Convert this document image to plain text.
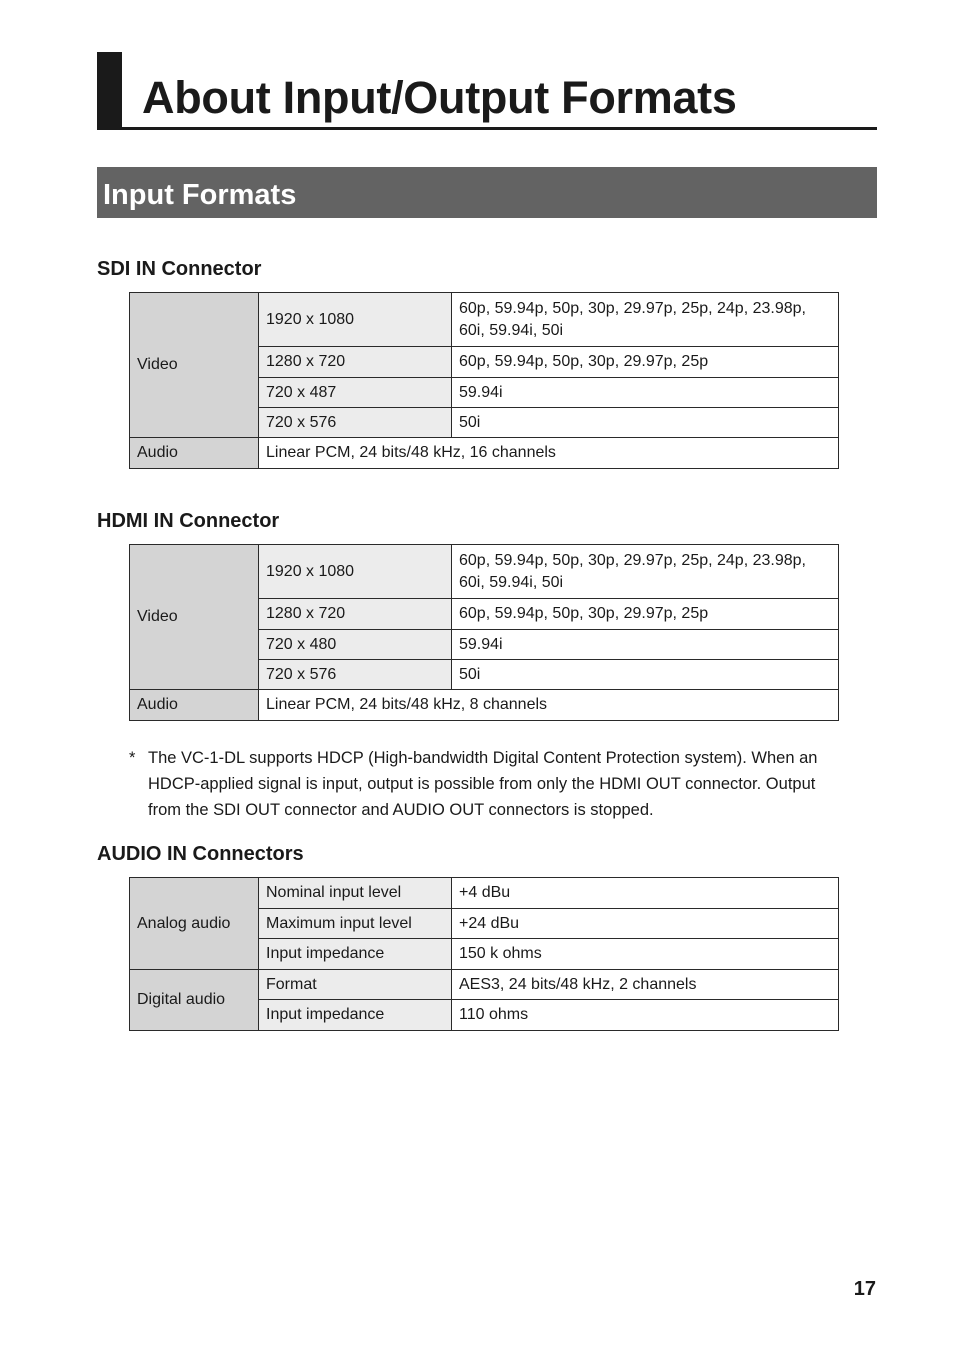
About Input/Output Formats
Input Formats
SDI IN Connector
Video	1920 x 1080	60p, 59.94p, 50p, 30p, 29.97p, 25p, 24p, 23.98p, 60i, 59.94i, 50i
	1280 x 720	60p, 59.94p, 50p, 30p, 29.97p, 25p
	720 x 487	59.94i
	720 x 576	50i
Audio	Linear PCM, 24 bits/48 kHz, 16 channels	
HDMI IN Connector
Video	1920 x 1080	60p, 59.94p, 50p, 30p, 29.97p, 25p, 24p, 23.98p, 60i, 59.94i, 50i
	1280 x 720	60p, 59.94p, 50p, 30p, 29.97p, 25p
	720 x 480	59.94i
	720 x 576	50i
Audio	Linear PCM, 24 bits/48 kHz, 8 channels	
* The VC-1-DL supports HDCP (High-bandwidth Digital Content Protection system). When an HDCP-applied signal is input, output is possible from only the HDMI OUT connector. Output from the SDI OUT connector and AUDIO OUT connectors is stopped.
AUDIO IN Connectors
Analog audio	Nominal input level	+4 dBu
	Maximum input level	+24 dBu
	Input impedance	150 k ohms
Digital audio	Format	AES3, 24 bits/48 kHz, 2 channels
	Input impedance	110 ohms
17
